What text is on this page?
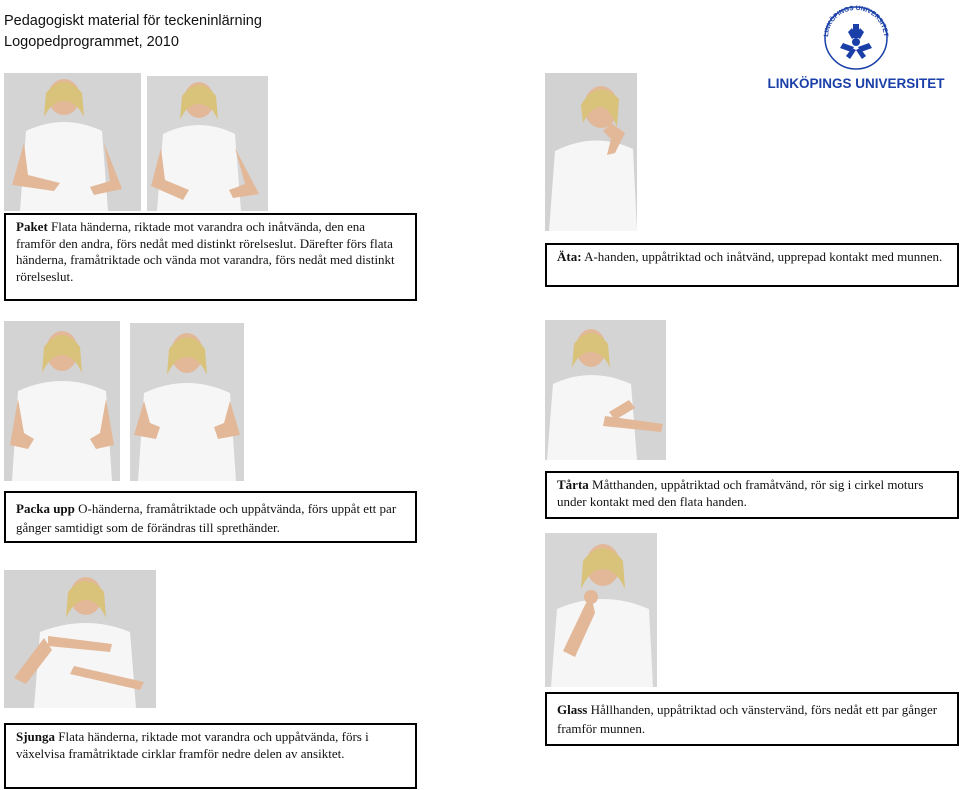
Pedagogiskt material för teckeninlärning
Logopedprogrammet, 2010	LINKÖPINGS UNIVERSITET
LINKÖPINGS UNIVERSITET
Paket Flata händerna, riktade mot varandra och inåtvända, den ena framför den andra, förs nedåt med distinkt rörelseslut. Därefter förs flata händerna, framåtriktade och vända mot varandra, förs nedåt med distinkt rörelseslut.
Äta: A-handen, uppåtriktad och inåtvänd, upprepad kontakt med munnen.
Packa upp O-händerna, framåtriktade och uppåtvända, förs uppåt ett par gånger samtidigt som de förändras till sprethänder.
Tårta Måtthanden, uppåtriktad och framåtvänd, rör sig i cirkel moturs under kontakt med den flata handen.
Sjunga Flata händerna, riktade mot varandra och uppåtvända, förs i växelvisa framåtriktade cirklar framför nedre delen av ansiktet.
Glass Hållhanden, uppåtriktad och vänstervänd, förs nedåt ett par gånger framför munnen.
